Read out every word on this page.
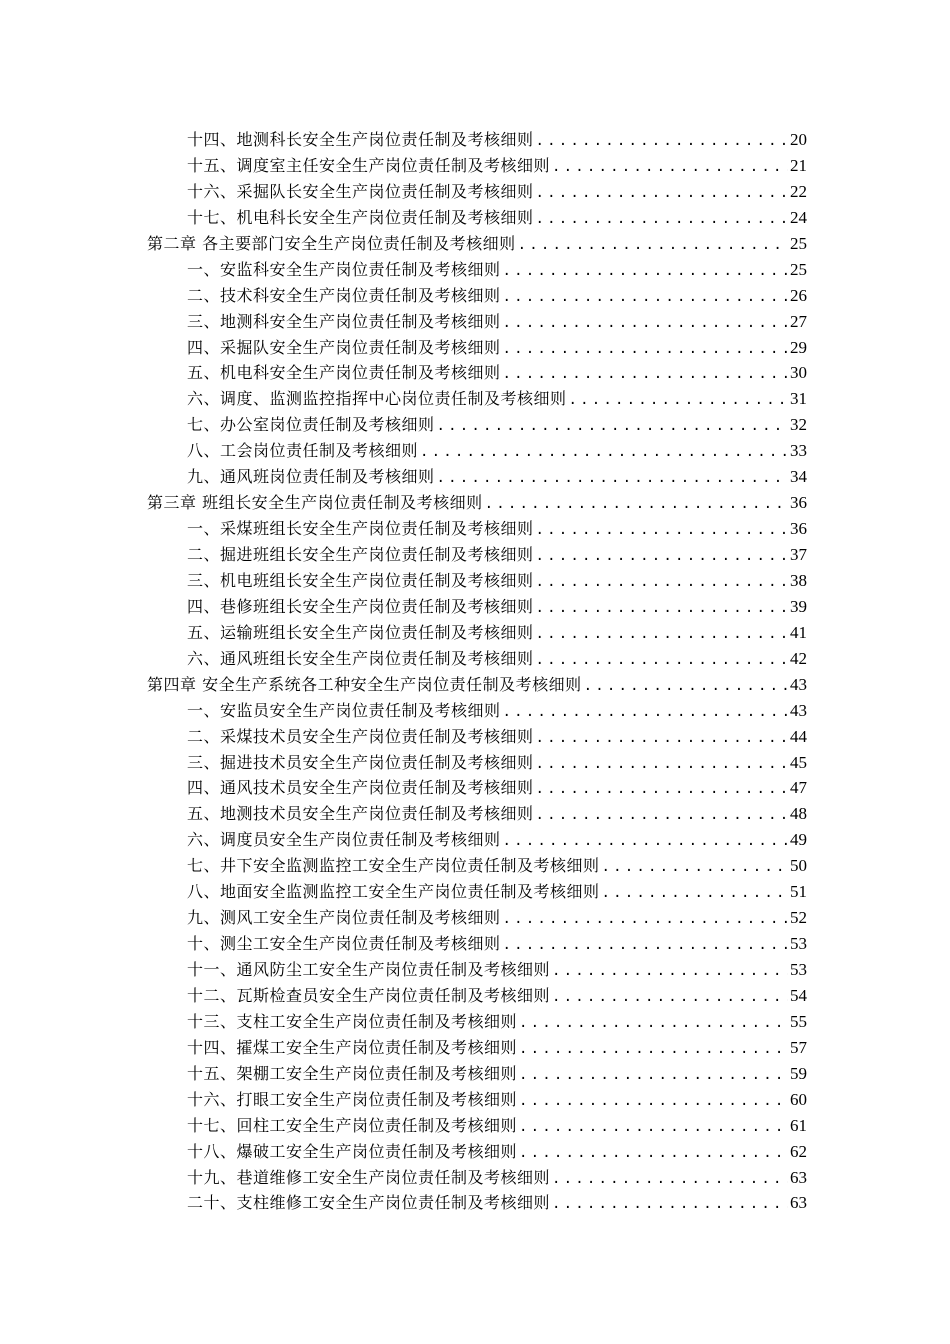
十四、地测科长安全生产岗位责任制及考核细则 .....	20
十五、调度室主任安全生产岗位责任制及考核细则 .....	21
十六、采掘队长安全生产岗位责任制及考核细则 .....	22
十七、机电科长安全生产岗位责任制及考核细则 .....	24
第二章 各主要部门安全生产岗位责任制及考核细则 .....	25
一、安监科安全生产岗位责任制及考核细则 .....	25
二、技术科安全生产岗位责任制及考核细则 .....	26
三、地测科安全生产岗位责任制及考核细则 .....	27
四、采掘队安全生产岗位责任制及考核细则 .....	29
五、机电科安全生产岗位责任制及考核细则 .....	30
六、调度、监测监控指挥中心岗位责任制及考核细则 .....	31
七、办公室岗位责任制及考核细则 .....	32
八、工会岗位责任制及考核细则 .....	33
九、通风班岗位责任制及考核细则 .....	34
第三章 班组长安全生产岗位责任制及考核细则 .....	36
一、采煤班组长安全生产岗位责任制及考核细则 .....	36
二、掘进班组长安全生产岗位责任制及考核细则 .....	37
三、机电班组长安全生产岗位责任制及考核细则 .....	38
四、巷修班组长安全生产岗位责任制及考核细则 .....	39
五、运输班组长安全生产岗位责任制及考核细则 .....	41
六、通风班组长安全生产岗位责任制及考核细则 .....	42
第四章 安全生产系统各工种安全生产岗位责任制及考核细则 .....	43
一、安监员安全生产岗位责任制及考核细则 .....	43
二、采煤技术员安全生产岗位责任制及考核细则 .....	44
三、掘进技术员安全生产岗位责任制及考核细则 .....	45
四、通风技术员安全生产岗位责任制及考核细则 .....	47
五、地测技术员安全生产岗位责任制及考核细则 .....	48
六、调度员安全生产岗位责任制及考核细则 .....	49
七、井下安全监测监控工安全生产岗位责任制及考核细则 .....	50
八、地面安全监测监控工安全生产岗位责任制及考核细则 .....	51
九、测风工安全生产岗位责任制及考核细则 .....	52
十、测尘工安全生产岗位责任制及考核细则 .....	53
十一、通风防尘工安全生产岗位责任制及考核细则 .....	53
十二、瓦斯检查员安全生产岗位责任制及考核细则 .....	54
十三、支柱工安全生产岗位责任制及考核细则 .....	55
十四、攉煤工安全生产岗位责任制及考核细则 .....	57
十五、架棚工安全生产岗位责任制及考核细则 .....	59
十六、打眼工安全生产岗位责任制及考核细则 .....	60
十七、回柱工安全生产岗位责任制及考核细则 .....	61
十八、爆破工安全生产岗位责任制及考核细则 .....	62
十九、巷道维修工安全生产岗位责任制及考核细则 .....	63
二十、支柱维修工安全生产岗位责任制及考核细则 .....	63
